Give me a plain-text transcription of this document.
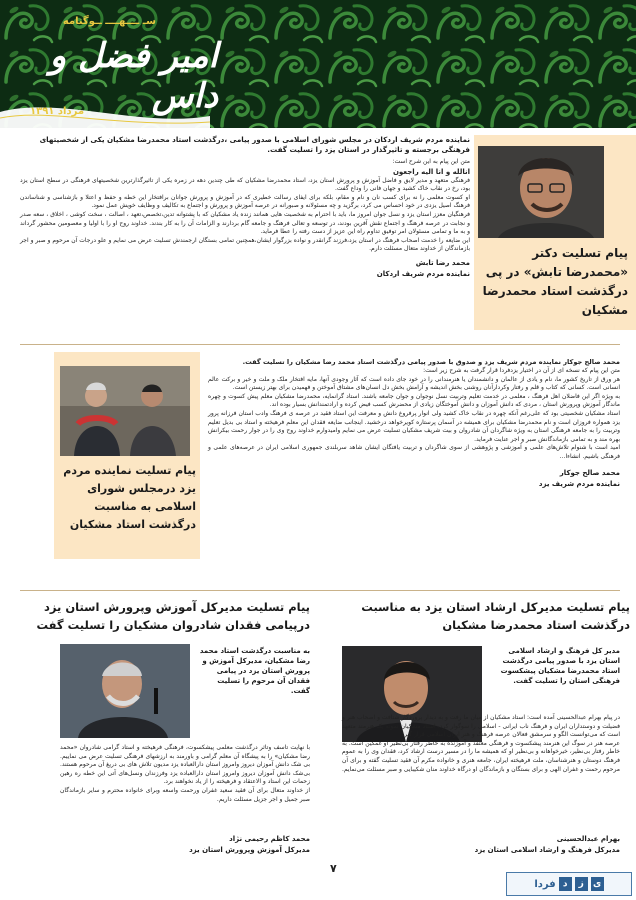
سـ ــــهــــ ــوگنامه
امیر فضل و داس
مرداد ۱۳۹۱
پیام تسلیت دکتر «محمدرضا تابش» در پی درگذشت استاد محمدرضا مشکیان
نماینده مردم شریف اردکان در مجلس شورای اسلامی با صدور پیامی ،درگذشت استاد محمدرضا مشکیان یکی از شخصیتهای فرهنگی برجسته و تاثیرگذار در استان یزد را تسلیت گفت.
متن این پیام به این شرح است:
انالله و انا الیه راجعون
فرهنگی متعهد و مدیر لایق و فاضل آموزش و پرورش استان یزد، استاد محمدرضا مشکیان که طی چندین دهه در زمره یکی از تاثیرگذارترین شخصیتهای فرهنگی در سطح استان یزد بود، رخ در نقاب خاک کشید و جهان فانی را وداع گفت.
او کسوت معلمی را نه برای کسب نان و نام و مقام، بلکه برای ایفای رسالت خطیری که در آموزش و پرورش جوانان برافتخار این خطه و حفظ و اعتلا و بازشناسی و شناساندن فرهنگ اصیل یزدی در خود احساس می کرد، برگزید و چه مسئولانه و صبورانه در عرصه آموزش و پرورش و اجتماع به تکالیف و وظایف خویش عمل نمود.
فرهنگیان معزز استان یزد و نسل جوان امروز ما، باید با احترام به شخصیت هایی همانند زنده یاد مشکیان که با پشتوانه تدین،تخصص،تعهد ، اصالت ، سخت کوشی ، اخلاق ، سعه صدر و نجابت در عرصه فرهنگ و اجتماع نقش آفرین بودند، در توسعه و تعالی فرهنگ و جامعه گام بردارند و الزامات آن را به کار بندند. خداوند روح او را با اولیا و معصومین محشور گرداند و به ما و تمامی مسئولان امر توفیق تداوم راه این عزیز از دست رفته را عطا فرماید.
این ضایعه را خدمت اصحاب فرهنگ در استان یزد،فرزند گرانقدر و نواده بزرگوار ایشان،همچنین تمامی بستگان ارجمندش تسلیت عرض می نمایم و علو درجات آن مرحوم و صبر و اجر بازماندگان از خداوند متعال مسئلت دارم.
محمد رضا تابش
نماینده مردم شریف اردکان
پیام تسلیت نماینده مردم یزد درمجلس شورای اسلامی به مناسبت درگذشت استاد مشکیان
محمد صالح جوکار نماینده مردم شریف یزد و صدوق با صدور پیامی درگذشت استاد محمد رضا مشکیان را تسلیت گفت.
متن این پیام که نسخه ای از آن در اختیار یزدفردا قرار گرفت به شرح زیر است:
هر ورق از تاریخ کشور ما، نام و یادی از عالمان و دانشمندان یا هنرمندانی را در خود جای داده است که آثار وجودی آنها، مایه افتخار ملک و ملت و خیر و برکت عالم انسانی است. کسانی که کتاب و قلم و رفتار وکردارآنان روشنی بخش اندیشه و آرامش بخش دل انسان‌های مشتاق آموختن و فهمیدن برای بهتر زیستن است.
به ویژه اگر این فاضلان اهل فرهنگ ، معلمی در خدمت تعلیم وتربیت نسل نوجوان و جوان جامعه باشند. استاد گرانمایه، محمدرضا مشکیان معلم پیش کسوت و چهره ماندگار آموزش وپرورش استان ، مردی که دانش آموزان و دانش آموختگان زیادی از محضرش کسب فیض کرده و ارادتمندانش بسیار بوده اند.
استاد مشکیان شخصیتی بود که علی‌رغم آنکه چهره در نقاب خاک کشید ولی انوار پرفروغ دانش و معرفت این استاد فقید در عرصه ی فرهنگ وادب استان فرزانه پرور یزد همواره فروزان است و نام محمدرضا مشکیان برای همیشه در آسمان پرستاره کویرخواهد درخشید. اینجانب ضایعه فقدان این معلم فرهیخته و استاد بی بدیل تعلیم وتربیت را به جامعه فرهنگی استان به ویژه شاگردان آن شادروان و بیت شریف مشکیان تسلیت عرض می نمایم وامیدوارم خداوند روح وی را در جوار رحمت بیکرانش بهره مند و به تمامی بازماندگانش صبر و اجر عنایت فرماید.
امید است با شنوام تلاش‌های علمی و آموزشی و پژوهشی از سوی شاگردان و تربیت یافتگان ایشان شاهد سربلندی جمهوری اسلامی ایران در عرصه‌های علمی و فرهنگی باشیم. انشاءا...
محمد صالح جوکار
نماینده مردم شریف یزد
پیام تسلیت مدیرکل آموزش وپرورش استان یزد درپیامی فقدان شادروان مشکیان را تسلیت گفت
به مناسبت درگذشت استاد محمد رضا مشکیان، مدیرکل آموزش و پرورش استان یزد در پیامی فقدان آن مرحوم را تسلیت گفت.
با نهایت تاسف وتاثر درگذشت معلمی پیشکسوت، فرهنگی فرهیخته و استاد گرامی شادروان «محمد رضا مشکیان» را به پیشگاه آن معلم گرامی و باورمند به ارزشهای فرهنگی تسلیت عرض می نماییم. بی شک دانش آموزان دیروز وامروز استان دارالعباده یزد مدیون تلاش های بی دریغ آن مرحوم هستند. بی‌شک دانش آموزان دیروز وامروز استان دارالعباده یزد وفرزندان ونسل‌های آتی این خطه ره رهین زحمات این استاد و الاعتقاد و فرهیخته را از یاد نخواهند برد.
از خداوند متعال برای آن فقید سعید غفران ورحمت واسعه وبرای خانواده محترم و سایر بازماندگان صبر جمیل و اجر جزیل مسئلت داریم.
محمد کاظم رحیمی نژاد
مدیرکل آموزش وپرورش استان یزد
پیام تسلیت مدیرکل ارشاد استان یزد به مناسبت درگذشت استاد محمدرضا مشکیان
مدیر کل فرهنگ و ارشاد اسلامی استان یزد با صدور پیامی درگذشت استاد محمدرضا مشکیان پیشکسوت فرهنگی استان را تسلیت گفت.
در پیام بهرام عبدالحسینی آمده است: استاد مشکیان از میان ما رفت و به دیدار پروردگار شتافت و اصحاب هنر و فضیلت و دوستداران ایران و فرهنگ ناب ایرانی - اسلامی را سوگوار کرد. استاد مشکیان نمونه یک هنرمند متعهد است که می‌توانست الگو و سرمشق فعالان عرصه فرهنگ و هنر ایران اسلامی قرار گیرد.
عرصه هنر در سوگ این هنرمند پیشکسوت و فرهنگی معتقد و آموزنده به خاطر رفتار بی‌نظیر او غمگین است. به خاطر رفتار بی‌نظیر، خیرخواهانه و بی‌نظیر او که همیشه ما را در مسیر درست ارشاد کرد، فقدان وی را به عموم فرهنگ دوستان و هنرشناسان، ملت فرهیخته ایران، جامعه هنری و خانواده مکرم آن فقید تسلیت گفته و برای آن مرحوم رحمت و غفران الهی و برای بستگان و بازماندگان او درگاه خداوند منان شکیبایی و صبر مسئلت می‌نمایم.
بهرام عبدالحسینی
مدیرکل فرهنگ و ارشاد اسلامی استان یزد
۷
ی
ز
د
فردا
